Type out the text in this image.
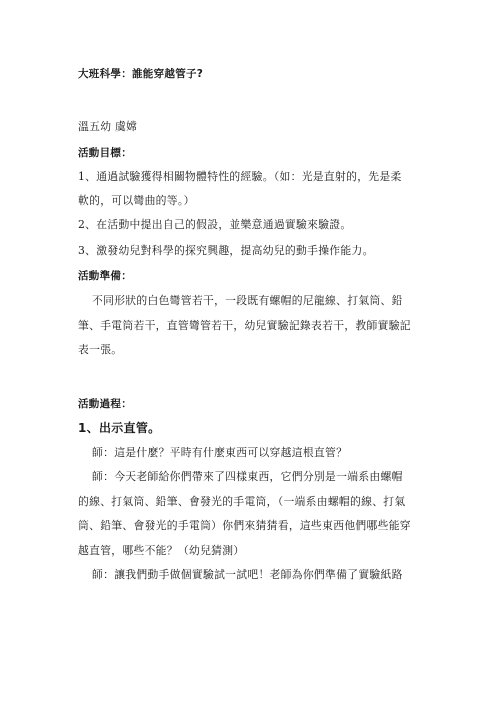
大班科學：誰能穿越管子?
溫五幼 虞嫦
活動目標：
1、通過試驗獲得相關物體特性的經驗。（如：光是直射的，先是柔
軟的，可以彎曲的等。）
2、在活動中提出自己的假設，並樂意通過實驗來驗證。
3、激發幼兒對科學的探究興趣，提高幼兒的動手操作能力。
活動準備：
不同形狀的白色彎管若干，一段既有螺帽的尼龍線、打氣筒、鉛
筆、手電筒若干，直管彎管若干，幼兒實驗記錄表若干，教師實驗記
表一張。
活動過程：
1、出示直管。
師：這是什麼？平時有什麼東西可以穿越這根直管？
師：今天老師給你們帶來了四樣東西，它們分別是一端系由螺帽
的線、打氣筒、鉛筆、會發光的手電筒，（一端系由螺帽的線、打氣
筒、鉛筆、會發光的手電筒）你們來猜猜看，這些東西他們哪些能穿
越直管，哪些不能？（幼兒猜測）
師：讓我們動手做個實驗試一試吧！老師為你們準備了實驗紙路
